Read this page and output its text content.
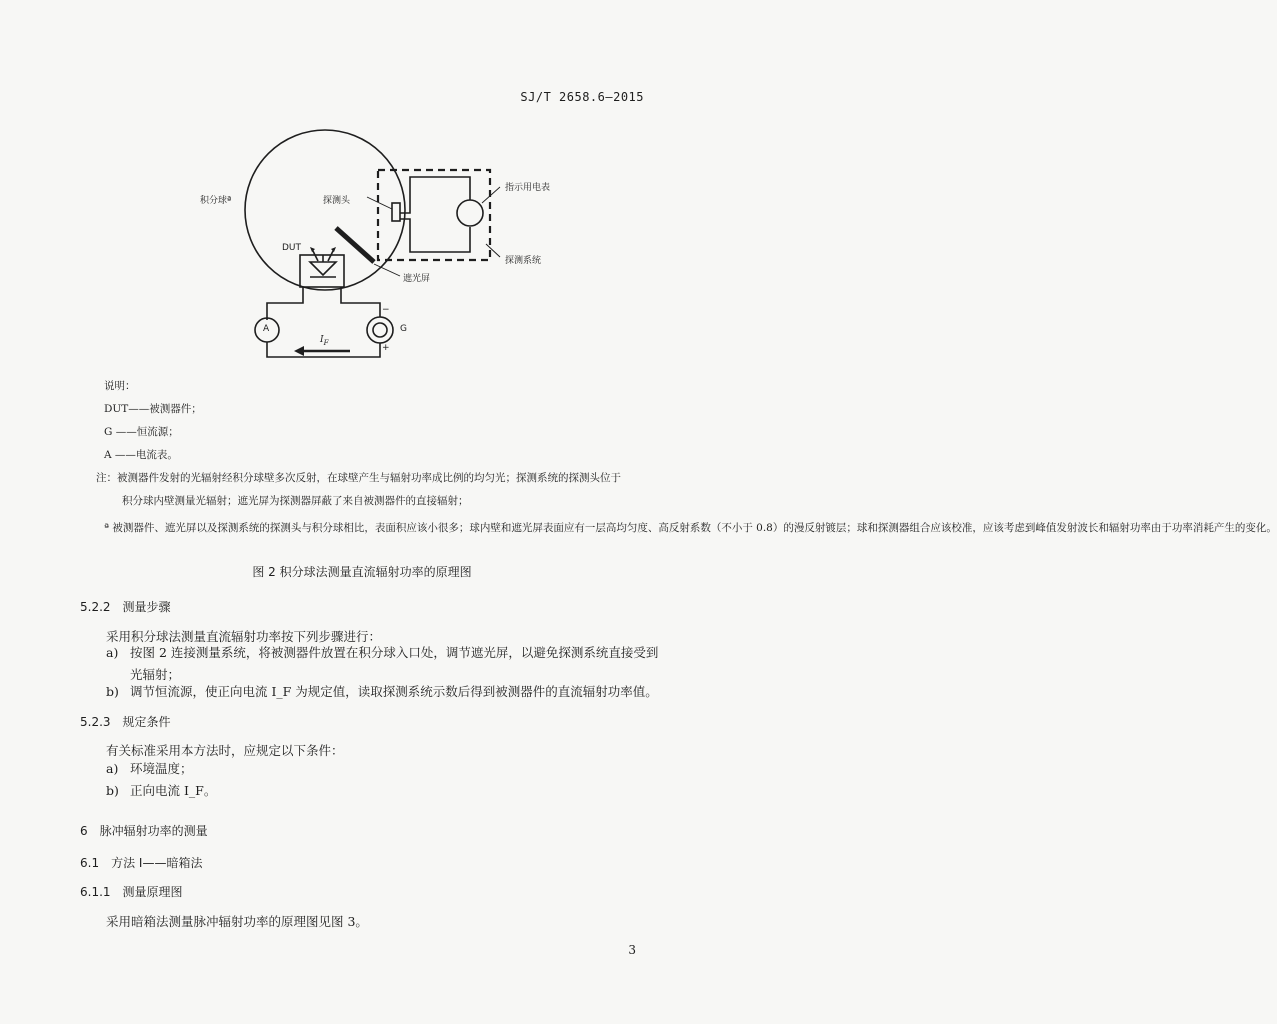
SJ/T 2658.6—2015
积分球ª	探测头
指示用电表
探测系统
DUT
遮光屏
A	G
−
+
$I_F$
说明：
DUT——被测器件；
G ——恒流源；
A ——电流表。
注：被测器件发射的光辐射经积分球壁多次反射，在球壁产生与辐射功率成比例的均匀光；探测系统的探测头位于
积分球内壁测量光辐射；遮光屏为探测器屏蔽了来自被测器件的直接辐射；
ª 被测器件、遮光屏以及探测系统的探测头与积分球相比，表面积应该小很多；球内壁和遮光屏表面应有一层高均匀度、高反射系数（不小于 0.8）的漫反射镀层；球和探测器组合应该校准，应该考虑到峰值发射波长和辐射功率由于功率消耗产生的变化。
图 2 积分球法测量直流辐射功率的原理图
5.2.2 测量步骤
采用积分球法测量直流辐射功率按下列步骤进行：
a) 按图 2 连接测量系统，将被测器件放置在积分球入口处，调节遮光屏，以避免探测系统直接受到光辐射；
b) 调节恒流源，使正向电流 I_F 为规定值，读取探测系统示数后得到被测器件的直流辐射功率值。
5.2.3 规定条件
有关标准采用本方法时，应规定以下条件：
a) 环境温度；
b) 正向电流 I_F。
6 脉冲辐射功率的测量
6.1 方法 I——暗箱法
6.1.1 测量原理图
采用暗箱法测量脉冲辐射功率的原理图见图 3。
3
